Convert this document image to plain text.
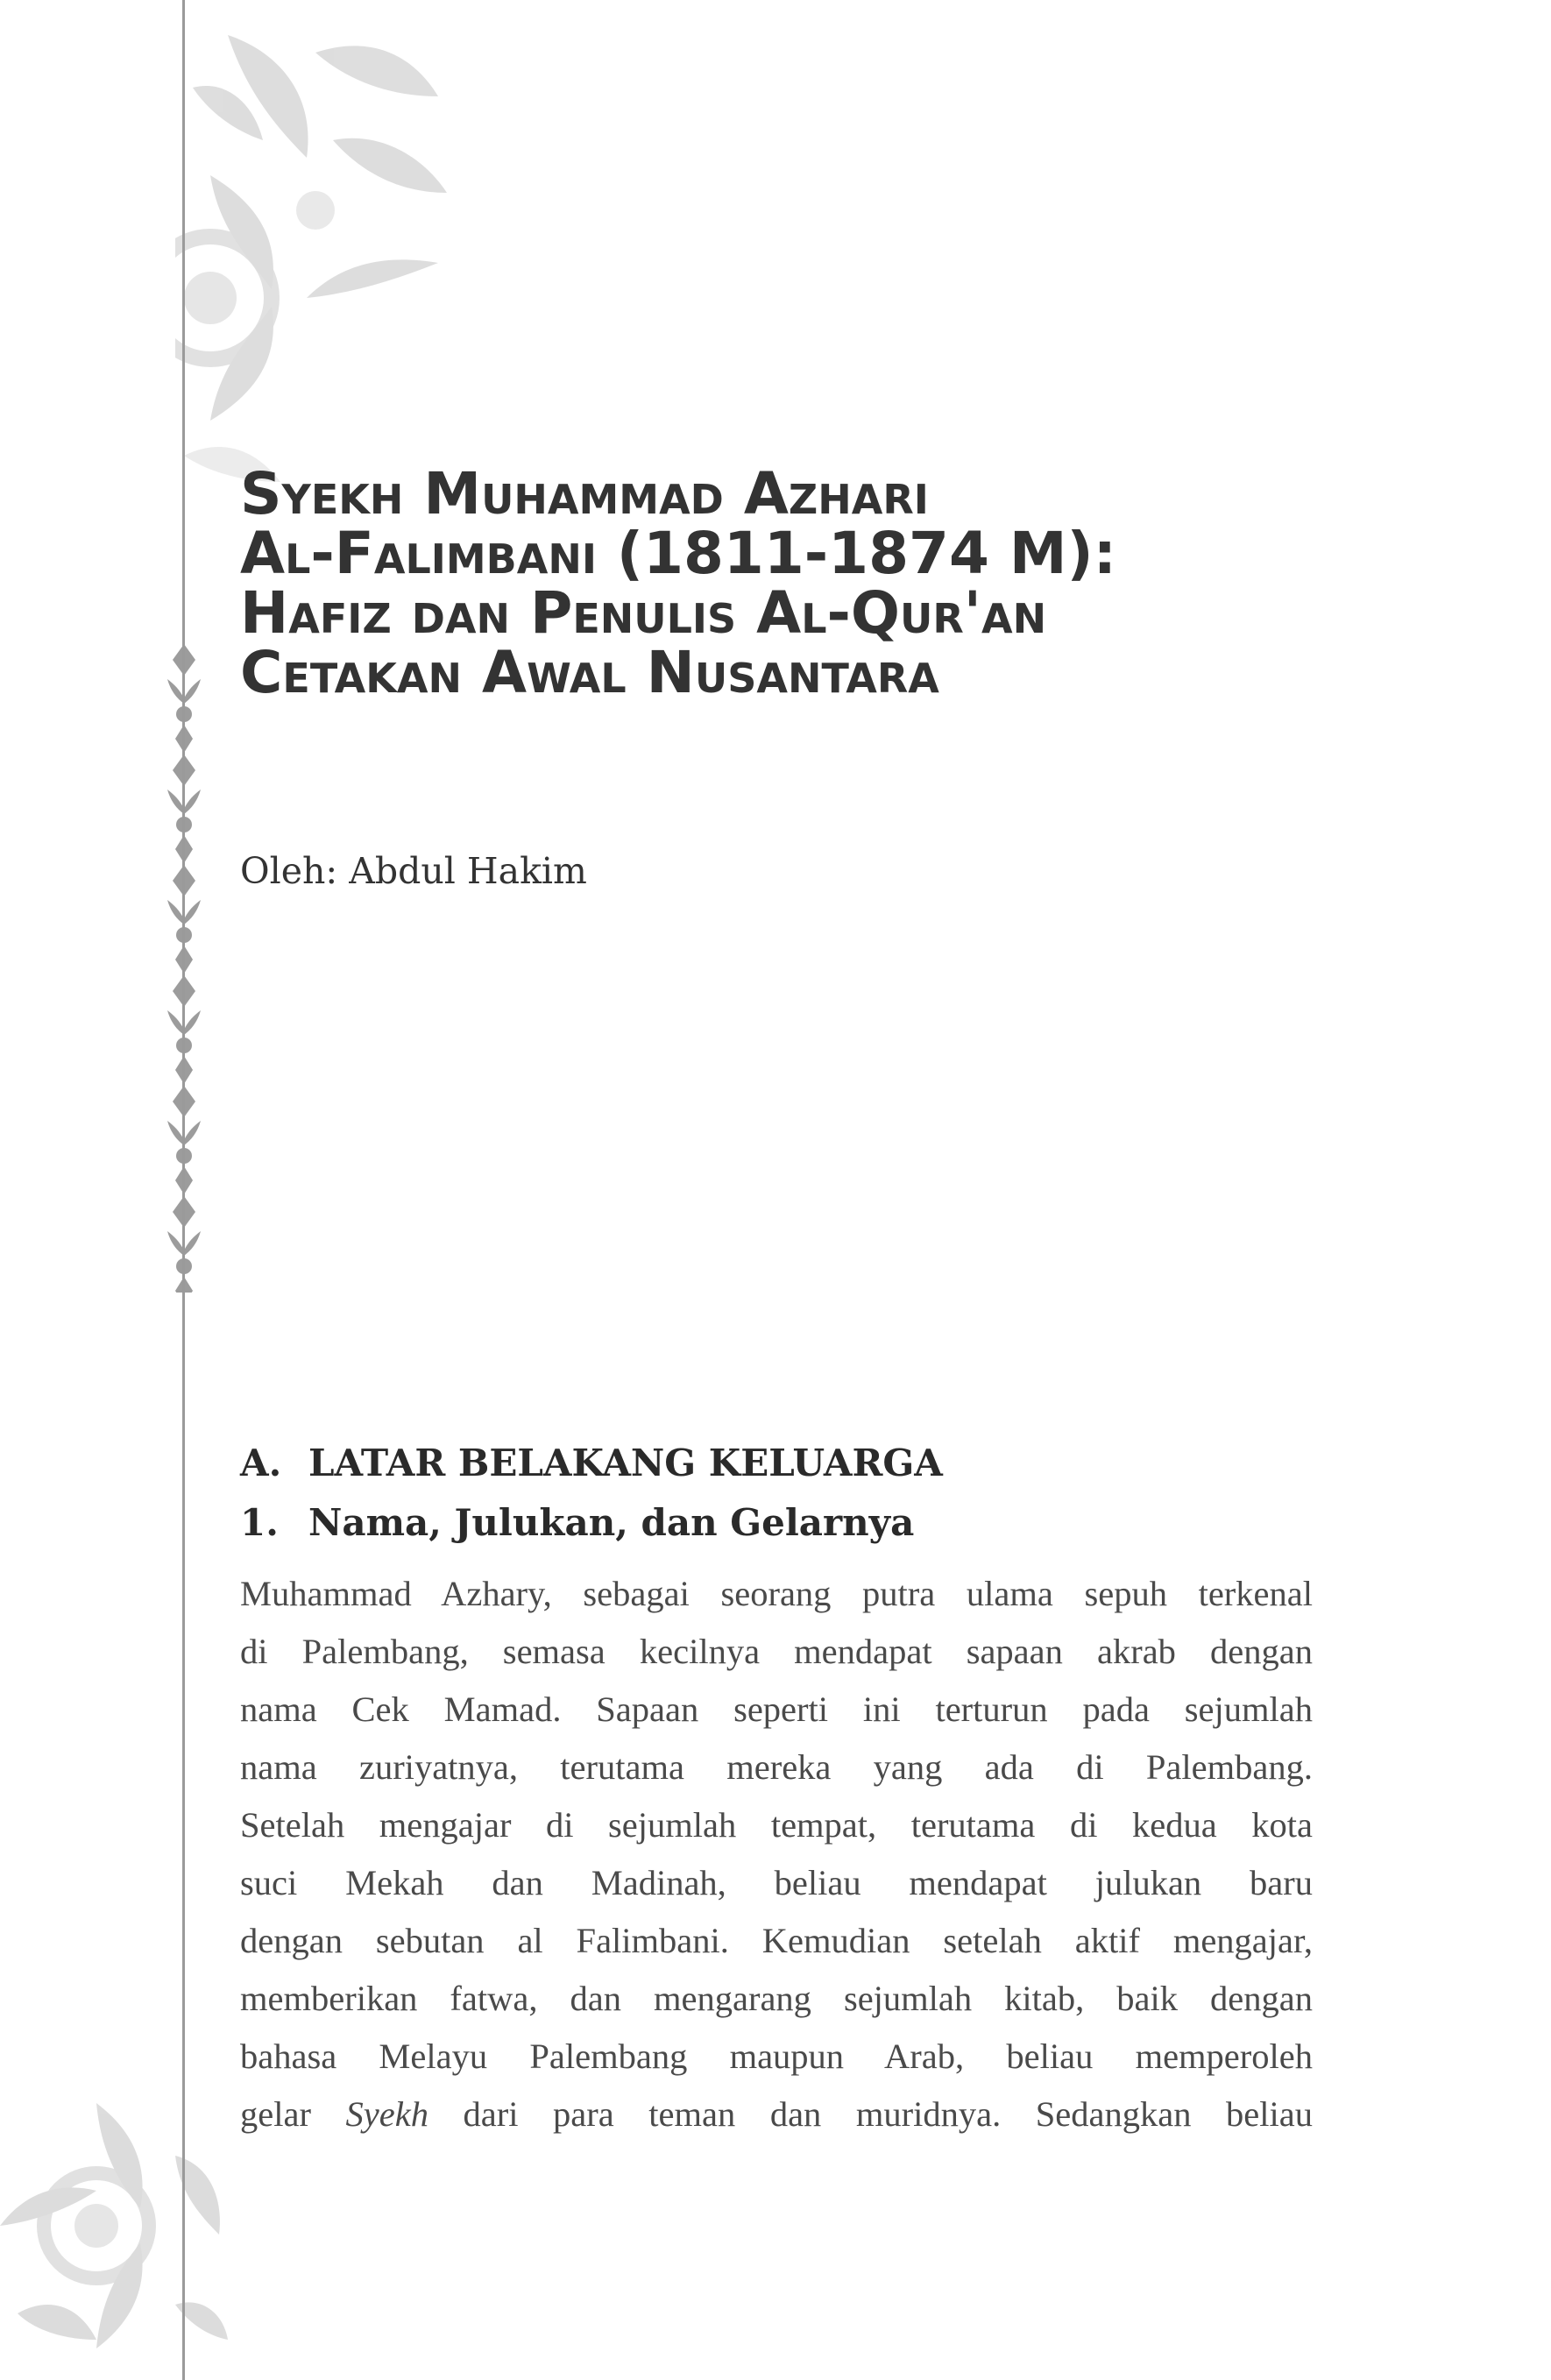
Syekh Muhammad Azhari
Al-Falimbani (1811-1874 M):
Hafiz dan Penulis Al-Qur'an
Cetakan Awal Nusantara
Oleh: Abdul Hakim
A. LATAR BELAKANG KELUARGA
1. Nama, Julukan, dan Gelarnya
Muhammad Azhary, sebagai seorang putra ulama sepuh terkenal
di Palembang, semasa kecilnya mendapat sapaan akrab dengan
nama Cek Mamad. Sapaan seperti ini terturun pada sejumlah
nama zuriyatnya, terutama mereka yang ada di Palembang.
Setelah mengajar di sejumlah tempat, terutama di kedua kota
suci Mekah dan Madinah, beliau mendapat julukan baru
dengan sebutan al Falimbani. Kemudian setelah aktif mengajar,
memberikan fatwa, dan mengarang sejumlah kitab, baik dengan
bahasa Melayu Palembang maupun Arab, beliau memperoleh
gelar Syekh dari para teman dan muridnya. Sedangkan beliau
